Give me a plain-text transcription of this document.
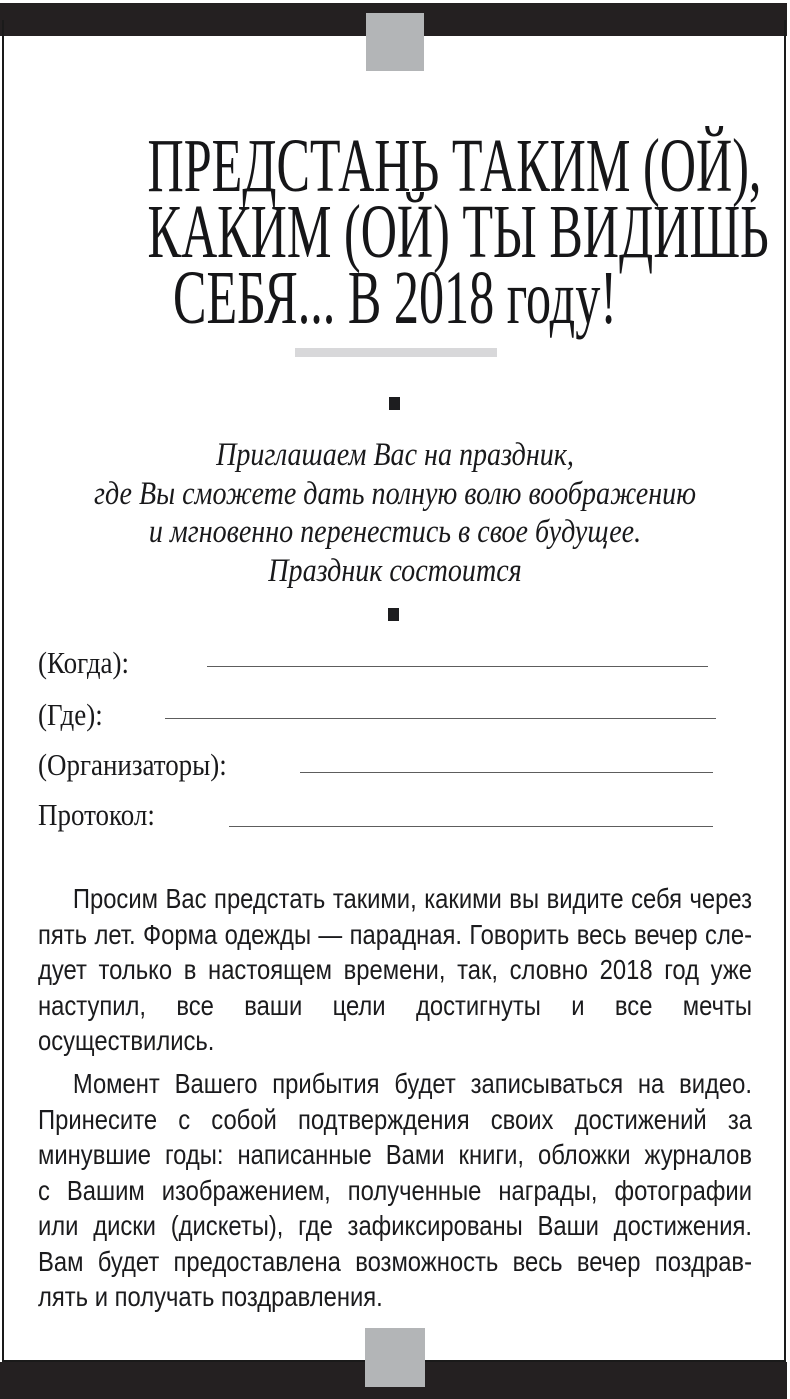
ПРЕДСТАНЬ ТАКИМ (ОЙ),
КАКИМ (ОЙ) ТЫ ВИДИШЬ
СЕБЯ... В 2018 году!
Приглашаем Вас на праздник,
где Вы сможете дать полную волю воображению
и мгновенно перенестись в свое будущее.
Праздник состоится
(Когда):
(Где):
(Организаторы):
Протокол:
Просим Вас предстать такими, какими вы видите себя через
пять лет. Форма одежды — парадная. Говорить весь вечер сле-
дует только в настоящем времени, так, словно 2018 год уже
наступил, все ваши цели достигнуты и все мечты осуществились.
Момент Вашего прибытия будет записываться на видео.
Принесите с собой подтверждения своих достижений за
минувшие годы: написанные Вами книги, обложки журналов
с Вашим изображением, полученные награды, фотографии
или диски (дискеты), где зафиксированы Ваши достижения.
Вам будет предоставлена возможность весь вечер поздрав-
лять и получать поздравления.
